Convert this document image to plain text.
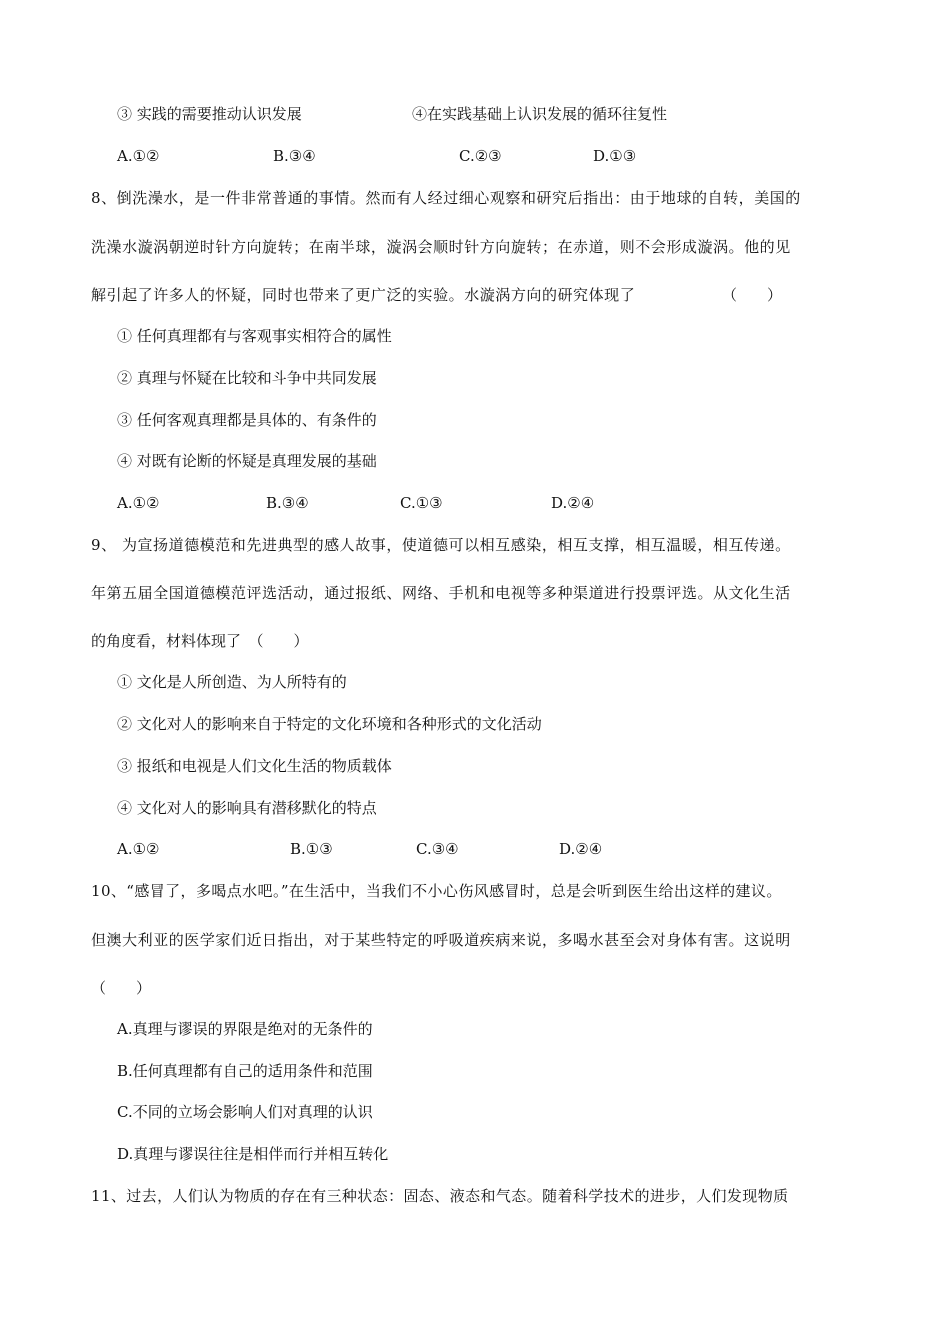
③ 实践的需要推动认识发展	④在实践基础上认识发展的循环往复性
A.①②	B.③④	C.②③	D.①③
8、倒洗澡水，是一件非常普通的事情。然而有人经过细心观察和研究后指出：由于地球的自转，美国的
洗澡水漩涡朝逆时针方向旋转；在南半球，漩涡会顺时针方向旋转；在赤道，则不会形成漩涡。他的见
解引起了许多人的怀疑，同时也带来了更广泛的实验。水漩涡方向的研究体现了	（　　）
① 任何真理都有与客观事实相符合的属性
② 真理与怀疑在比较和斗争中共同发展
③ 任何客观真理都是具体的、有条件的
④ 对既有论断的怀疑是真理发展的基础
A.①②	B.③④	C.①③	D.②④
9、 为宣扬道德模范和先进典型的感人故事，使道德可以相互感染，相互支撑，相互温暖，相互传递。
年第五届全国道德模范评选活动，通过报纸、网络、手机和电视等多种渠道进行投票评选。从文化生活
的角度看，材料体现了　（　　）
① 文化是人所创造、为人所特有的
② 文化对人的影响来自于特定的文化环境和各种形式的文化活动
③ 报纸和电视是人们文化生活的物质载体
④ 文化对人的影响具有潜移默化的特点
A.①②	B.①③	C.③④	D.②④
10、“感冒了，多喝点水吧。”在生活中，当我们不小心伤风感冒时，总是会听到医生给出这样的建议。
但澳大利亚的医学家们近日指出，对于某些特定的呼吸道疾病来说，多喝水甚至会对身体有害。这说明
（　　）
A.真理与谬误的界限是绝对的无条件的
B.任何真理都有自己的适用条件和范围
C.不同的立场会影响人们对真理的认识
D.真理与谬误往往是相伴而行并相互转化
11、过去，人们认为物质的存在有三种状态：固态、液态和气态。随着科学技术的进步，人们发现物质
